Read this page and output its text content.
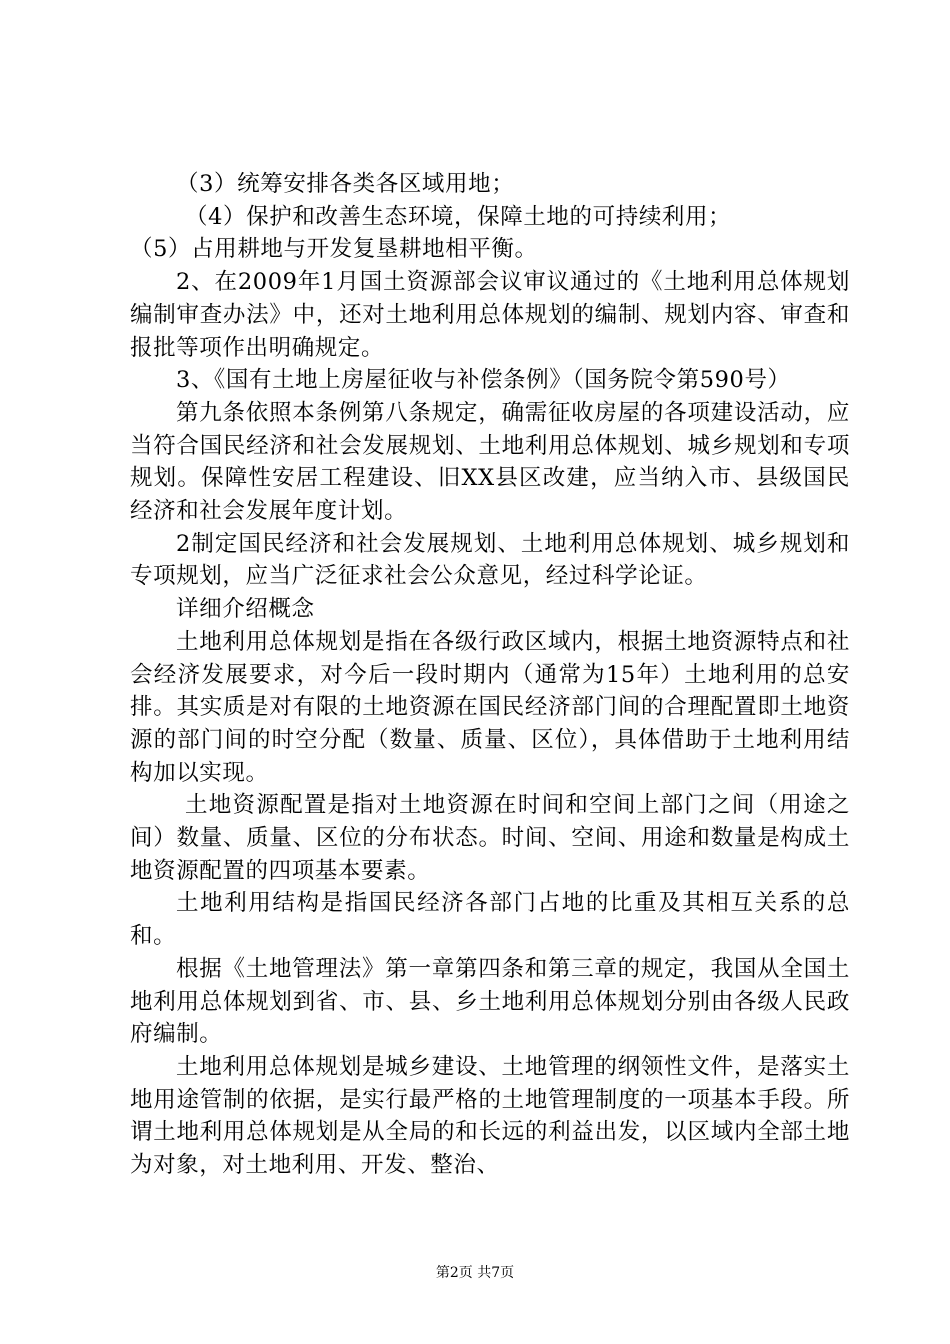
（3）统筹安排各类各区域用地；

（4）保护和改善生态环境，保障土地的可持续利用；

（5）占用耕地与开发复垦耕地相平衡。

2、在2009年1月国土资源部会议审议通过的《土地利用总体规划编制审查办法》中，还对土地利用总体规划的编制、规划内容、审查和报批等项作出明确规定。

3、《国有土地上房屋征收与补偿条例》（国务院令第590号）

第九条依照本条例第八条规定，确需征收房屋的各项建设活动，应当符合国民经济和社会发展规划、土地利用总体规划、城乡规划和专项规划。保障性安居工程建设、旧XX县区改建，应当纳入市、县级国民经济和社会发展年度计划。

2制定国民经济和社会发展规划、土地利用总体规划、城乡规划和专项规划，应当广泛征求社会公众意见，经过科学论证。

详细介绍概念

土地利用总体规划是指在各级行政区域内，根据土地资源特点和社会经济发展要求，对今后一段时期内（通常为15年）土地利用的总安排。其实质是对有限的土地资源在国民经济部门间的合理配置即土地资源的部门间的时空分配（数量、质量、区位），具体借助于土地利用结构加以实现。

土地资源配置是指对土地资源在时间和空间上部门之间（用途之间）数量、质量、区位的分布状态。时间、空间、用途和数量是构成土地资源配置的四项基本要素。

土地利用结构是指国民经济各部门占地的比重及其相互关系的总和。

根据《土地管理法》第一章第四条和第三章的规定，我国从全国土地利用总体规划到省、市、县、乡土地利用总体规划分别由各级人民政府编制。

土地利用总体规划是城乡建设、土地管理的纲领性文件，是落实土地用途管制的依据，是实行最严格的土地管理制度的一项基本手段。所谓土地利用总体规划是从全局的和长远的利益出发，以区域内全部土地为对象，对土地利用、开发、整治、

第2页 共7页
